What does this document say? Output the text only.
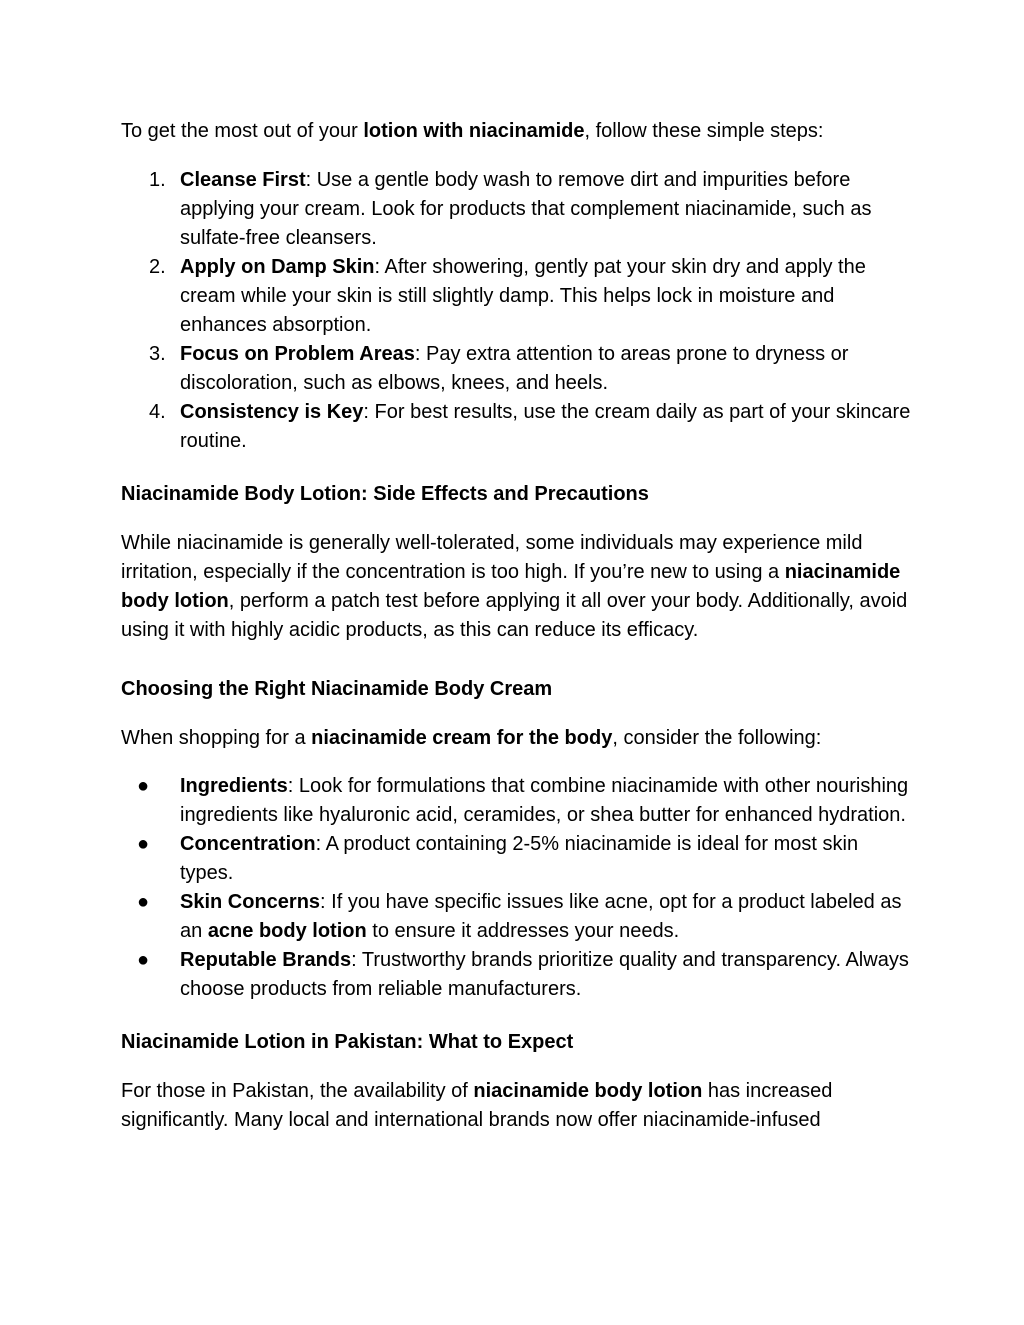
To get the most out of your lotion with niacinamide, follow these simple steps:

1. Cleanse First: Use a gentle body wash to remove dirt and impurities before applying your cream. Look for products that complement niacinamide, such as sulfate-free cleansers.
2. Apply on Damp Skin: After showering, gently pat your skin dry and apply the cream while your skin is still slightly damp. This helps lock in moisture and enhances absorption.
3. Focus on Problem Areas: Pay extra attention to areas prone to dryness or discoloration, such as elbows, knees, and heels.
4. Consistency is Key: For best results, use the cream daily as part of your skincare routine.

Niacinamide Body Lotion: Side Effects and Precautions

While niacinamide is generally well-tolerated, some individuals may experience mild irritation, especially if the concentration is too high. If you’re new to using a niacinamide body lotion, perform a patch test before applying it all over your body. Additionally, avoid using it with highly acidic products, as this can reduce its efficacy.

Choosing the Right Niacinamide Body Cream

When shopping for a niacinamide cream for the body, consider the following:

● Ingredients: Look for formulations that combine niacinamide with other nourishing ingredients like hyaluronic acid, ceramides, or shea butter for enhanced hydration.
● Concentration: A product containing 2-5% niacinamide is ideal for most skin types.
● Skin Concerns: If you have specific issues like acne, opt for a product labeled as an acne body lotion to ensure it addresses your needs.
● Reputable Brands: Trustworthy brands prioritize quality and transparency. Always choose products from reliable manufacturers.

Niacinamide Lotion in Pakistan: What to Expect

For those in Pakistan, the availability of niacinamide body lotion has increased significantly. Many local and international brands now offer niacinamide-infused
